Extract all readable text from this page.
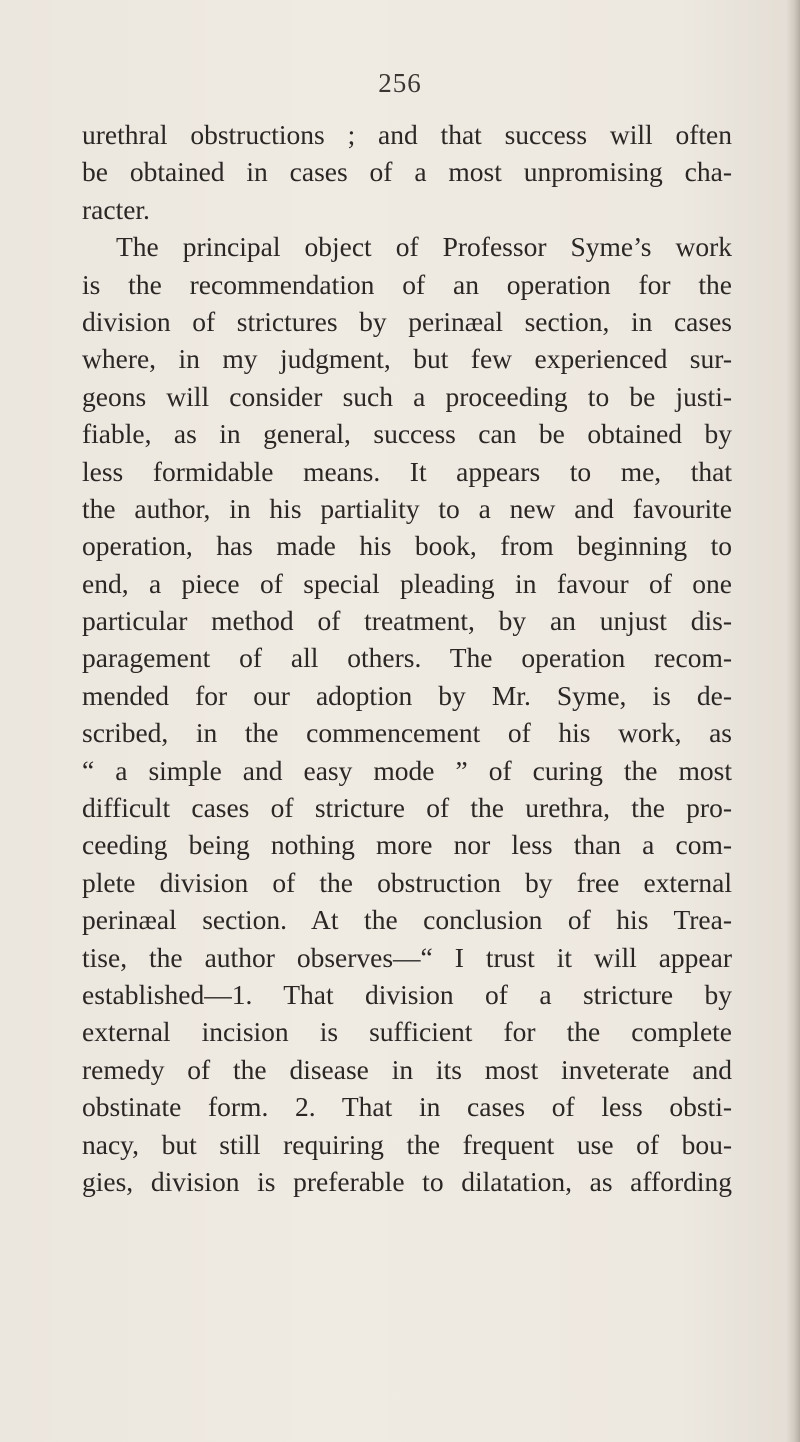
256
urethral obstructions ; and that success will often
be obtained in cases of a most unpromising cha-
racter.
The principal object of Professor Syme’s work
is the recommendation of an operation for the
division of strictures by perinæal section, in cases
where, in my judgment, but few experienced sur-
geons will consider such a proceeding to be justi-
fiable, as in general, success can be obtained by
less formidable means. It appears to me, that
the author, in his partiality to a new and favourite
operation, has made his book, from beginning to
end, a piece of special pleading in favour of one
particular method of treatment, by an unjust dis-
paragement of all others. The operation recom-
mended for our adoption by Mr. Syme, is de-
scribed, in the commencement of his work, as
“ a simple and easy mode ” of curing the most
difficult cases of stricture of the urethra, the pro-
ceeding being nothing more nor less than a com-
plete division of the obstruction by free external
perinæal section. At the conclusion of his Trea-
tise, the author observes—“ I trust it will appear
established—1. That division of a stricture by
external incision is sufficient for the complete
remedy of the disease in its most inveterate and
obstinate form. 2. That in cases of less obsti-
nacy, but still requiring the frequent use of bou-
gies, division is preferable to dilatation, as affording
